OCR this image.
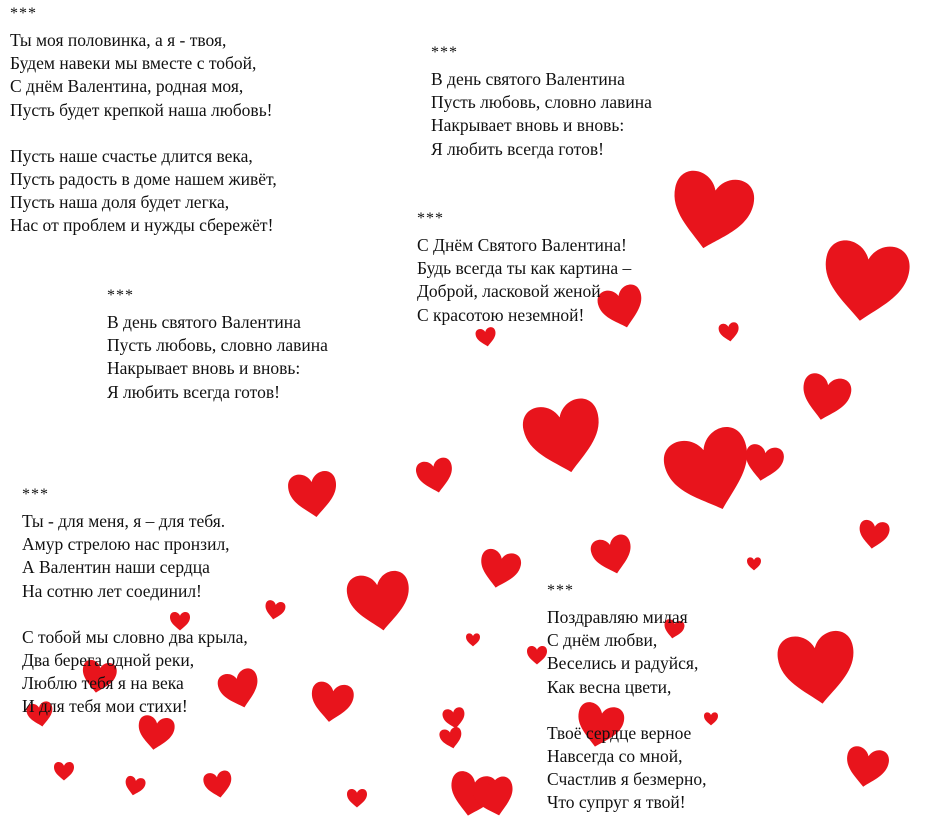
***
Ты моя половинка, а я - твоя,
Будем навеки мы вместе с тобой,
С днём Валентина, родная моя,
Пусть будет крепкой наша любовь!
Пусть наше счастье длится века,
Пусть радость в доме нашем живёт,
Пусть наша доля будет легка,
Нас от проблем и нужды сбережёт!
***
В день святого Валентина
Пусть любовь, словно лавина
Накрывает вновь и вновь:
Я любить всегда готов!
***
С Днём Святого Валентина!
Будь всегда ты как картина –
Доброй, ласковой женой
С красотою неземной!
***
В день святого Валентина
Пусть любовь, словно лавина
Накрывает вновь и вновь:
Я любить всегда готов!
***
Ты - для меня, я – для тебя.
Амур стрелою нас пронзил,
А Валентин наши сердца
На сотню лет соединил!
С тобой мы словно два крыла,
Два берега одной реки,
Люблю тебя я на века
И для тебя мои стихи!
***
Поздравляю милая
С днём любви,
Веселись и радуйся,
Как весна цвети,
Твоё сердце верное
Навсегда со мной,
Счастлив я безмерно,
Что супруг я твой!
